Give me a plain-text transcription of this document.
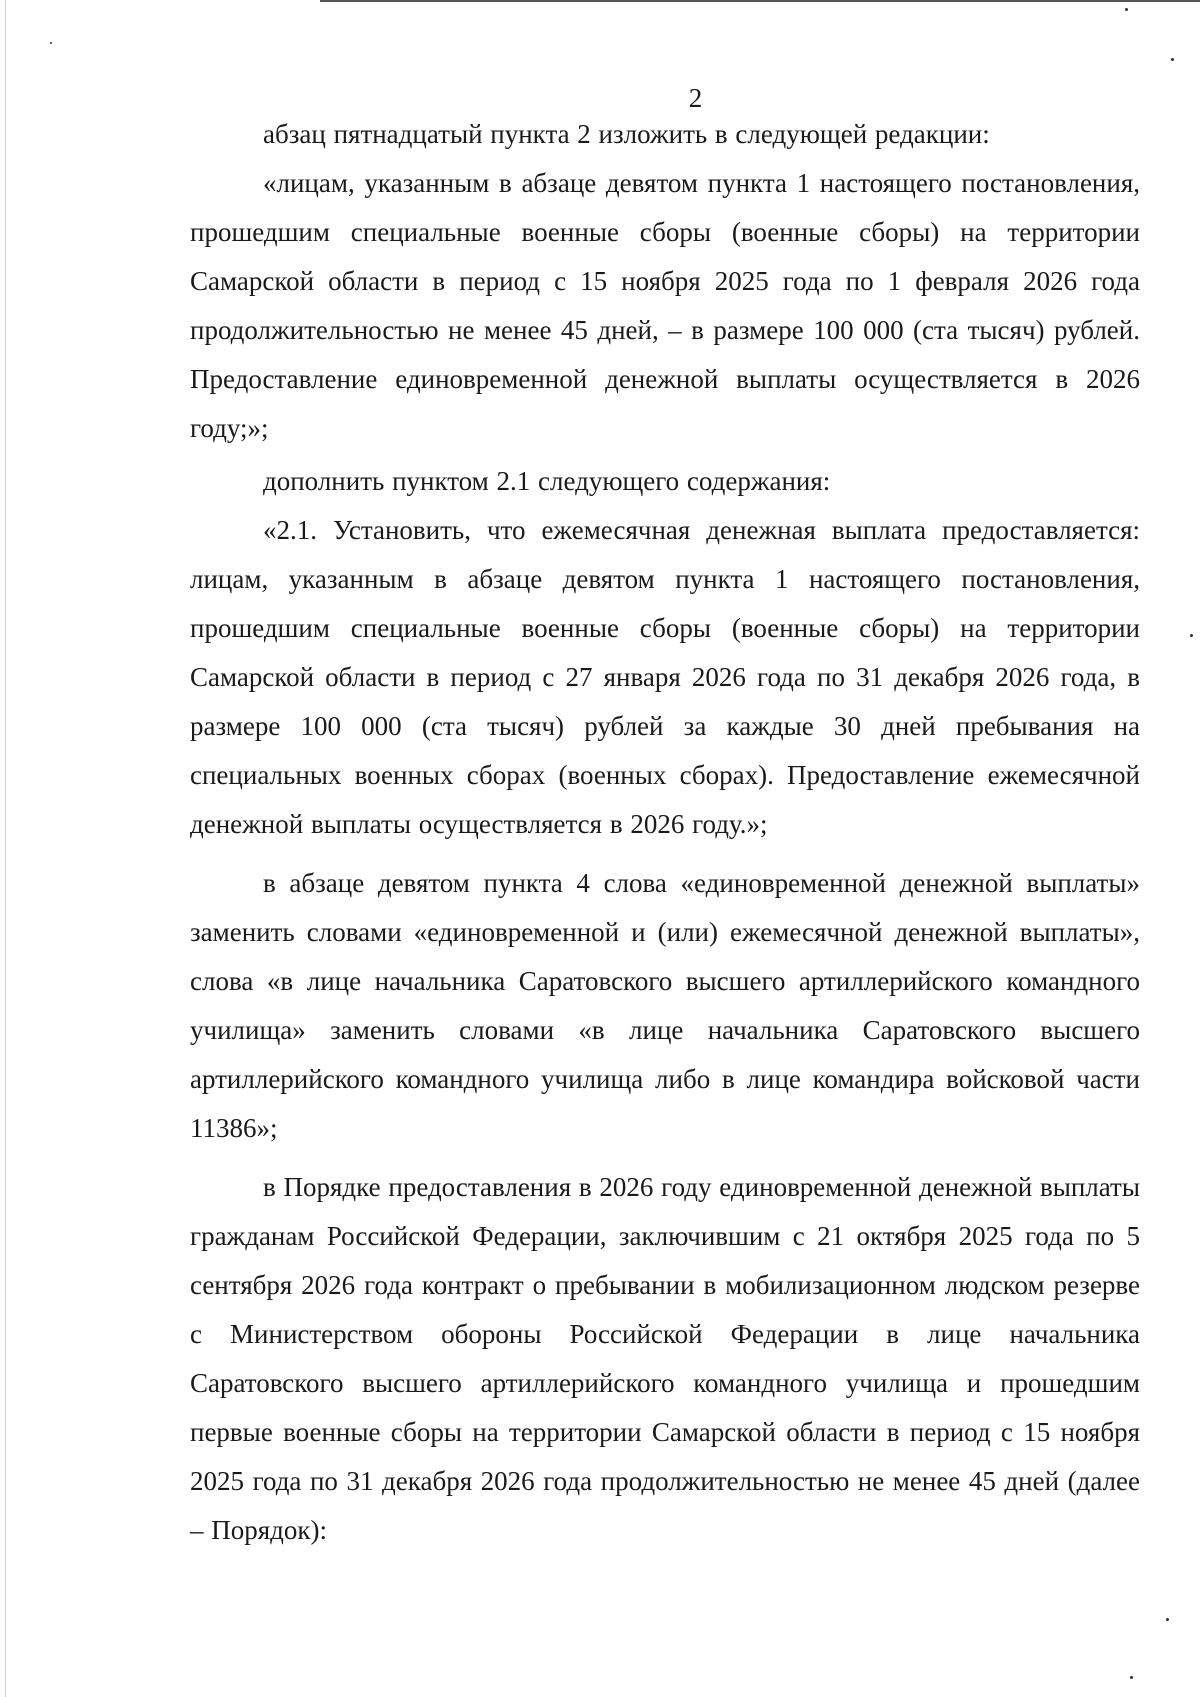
2

абзац пятнадцатый пункта 2 изложить в следующей редакции:

«лицам, указанным в абзаце девятом пункта 1 настоящего постановления, прошедшим специальные военные сборы (военные сборы) на территории Самарской области в период с 15 ноября 2025 года по 1 февраля 2026 года продолжительностью не менее 45 дней, – в размере 100 000 (ста тысяч) рублей. Предоставление единовременной денежной выплаты осуществляется в 2026 году;»;

дополнить пунктом 2.1 следующего содержания:

«2.1. Установить, что ежемесячная денежная выплата предоставляется: лицам, указанным в абзаце девятом пункта 1 настоящего постановления, прошедшим специальные военные сборы (военные сборы) на территории Самарской области в период с 27 января 2026 года по 31 декабря 2026 года, в размере 100 000 (ста тысяч) рублей за каждые 30 дней пребывания на специальных военных сборах (военных сборах). Предоставление ежемесячной денежной выплаты осуществляется в 2026 году.»;

в абзаце девятом пункта 4 слова «единовременной денежной выплаты» заменить словами «единовременной и (или) ежемесячной денежной выплаты», слова «в лице начальника Саратовского высшего артиллерийского командного училища» заменить словами «в лице начальника Саратовского высшего артиллерийского командного училища либо в лице командира войсковой части 11386»;

в Порядке предоставления в 2026 году единовременной денежной выплаты гражданам Российской Федерации, заключившим с 21 октября 2025 года по 5 сентября 2026 года контракт о пребывании в мобилизационном людском резерве с Министерством обороны Российской Федерации в лице начальника Саратовского высшего артиллерийского командного училища и прошедшим первые военные сборы на территории Самарской области в период с 15 ноября 2025 года по 31 декабря 2026 года продолжительностью не менее 45 дней (далее – Порядок):
